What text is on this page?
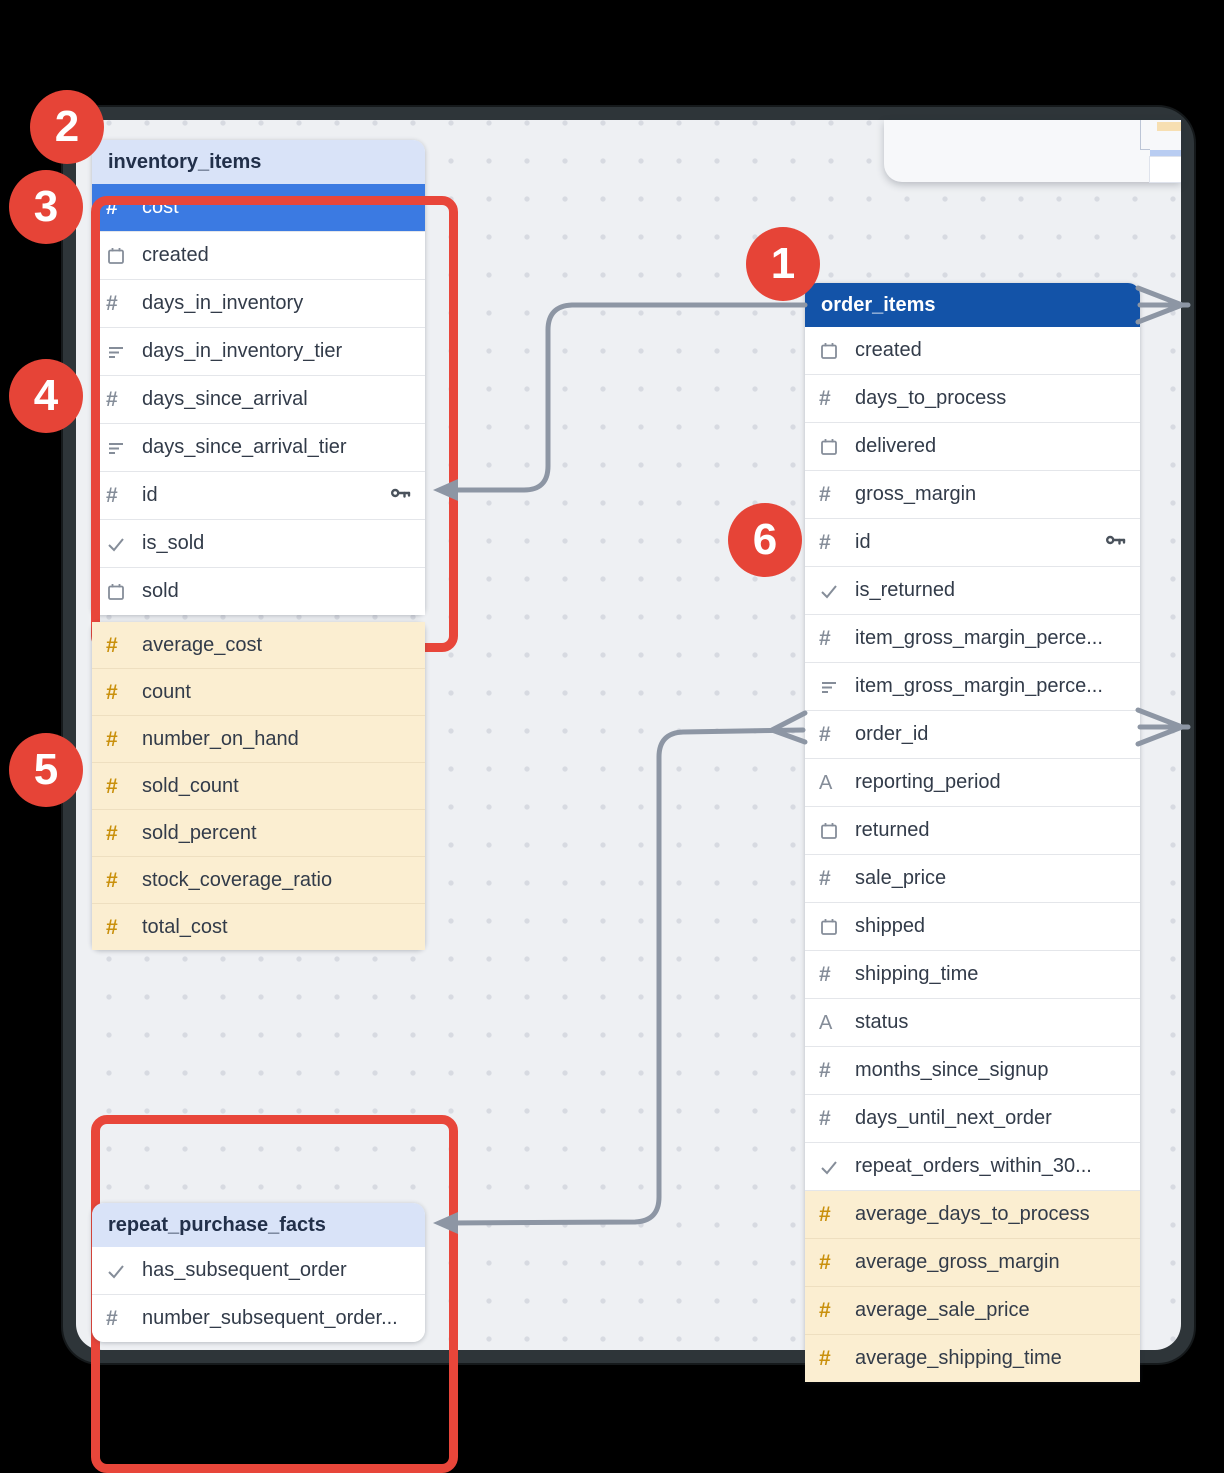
inventory_items
# cost
created
# days_in_inventory
days_in_inventory_tier
# days_since_arrival
days_since_arrival_tier
# id
is_sold
sold
# average_cost
# count
# number_on_hand
# sold_count
# sold_percent
# stock_coverage_ratio
# total_cost
order_items
created
# days_to_process
delivered
# gross_margin
# id
is_returned
# item_gross_margin_perce...
item_gross_margin_perce...
# order_id
A reporting_period
returned
# sale_price
shipped
# shipping_time
A status
# months_since_signup
# days_until_next_order
repeat_orders_within_30...
# average_days_to_process
# average_gross_margin
# average_sale_price
# average_shipping_time
repeat_purchase_facts
has_subsequent_order
# number_subsequent_order...
1
2
3
4
5
6
